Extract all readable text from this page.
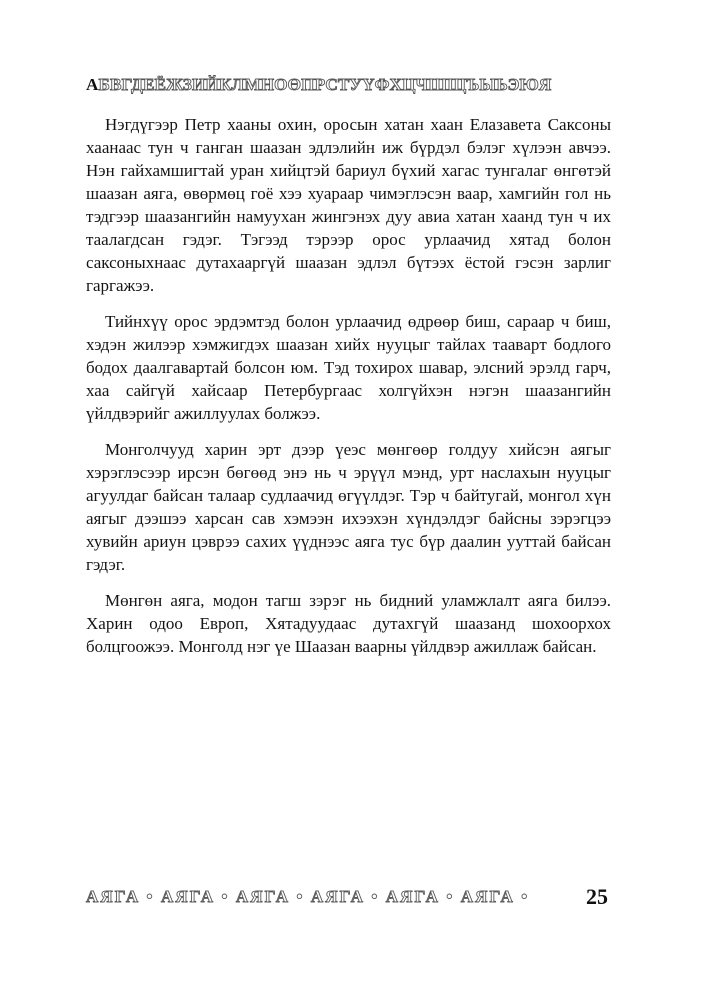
АБВГДЕЁЖЗИЙКЛМНОӨПРСТУҮФХЦЧШЩЪЫЬЭЮЯ

Нэгдүгээр Петр хааны охин, оросын хатан хаан Елазавета Саксоны хаанаас тун ч ганган шаазан эдлэлийн иж бүрдэл бэлэг хүлээн авчээ. Нэн гайхамшигтай уран хийцтэй бариул бүхий хагас тунгалаг өнгөтэй шаазан аяга, өвөрмөц гоё хээ хуараар чимэглэсэн ваар, хамгийн гол нь тэдгээр шаазангийн намуухан жингэнэх дуу авиа хатан хаанд тун ч их таалагдсан гэдэг. Тэгээд тэрээр орос урлаачид хятад болон саксоныхнаас дутахааргүй шаазан эдлэл бүтээх ёстой гэсэн зарлиг гаргажээ.

Тийнхүү орос эрдэмтэд болон урлаачид өдрөөр биш, сараар ч биш, хэдэн жилээр хэмжигдэх шаазан хийх нууцыг тайлах таавapт бодлого бодох даалгавартай болсон юм. Тэд тохирох шавар, элсний эрэлд гарч, хаа сайгүй хайсаар Петербургаас холгүйхэн нэгэн шаазангийн үйлдвэрийг ажиллуулах болжээ.

Монголчууд харин эрт дээр үеэс мөнгөөр голдуу хийсэн аягыг хэрэглэсээр ирсэн бөгөөд энэ нь ч эрүүл мэнд, урт наслахын нууцыг агуулдаг байсан талаар судлаачид өгүүлдэг. Тэр ч байтугай, монгол хүн аягыг дээшээ харсан сав хэмээн ихээхэн хүндэлдэг байсны зэрэгцээ хувийн ариун цэврээ сахих үүднээс аяга тус бүр даалин ууттай байсан гэдэг.

Мөнгөн аяга, модон тагш зэрэг нь бидний уламжлалт аяга билээ. Харин одоо Европ, Хятадуудаас дутахгүй шаазанд шохоорхох болцгоожээ. Монголд нэг үе Шаазан ваарны үйлдвэр ажиллаж байсан.

АЯГА • АЯГА • АЯГА • АЯГА • АЯГА • АЯГА •	25
